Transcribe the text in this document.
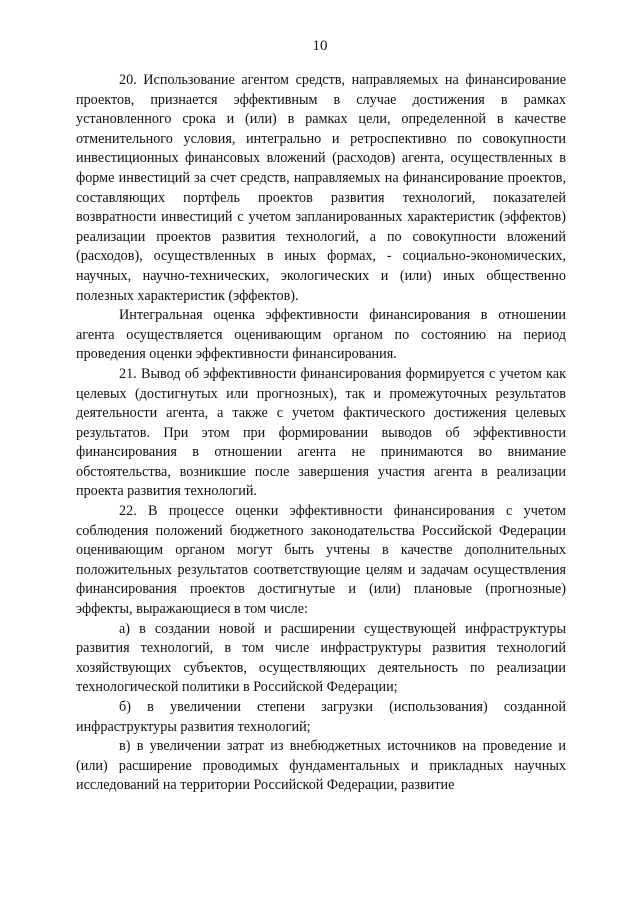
10

20. Использование агентом средств, направляемых на финансирование проектов, признается эффективным в случае достижения в рамках установленного срока и (или) в рамках цели, определенной в качестве отменительного условия, интегрально и ретроспективно по совокупности инвестиционных финансовых вложений (расходов) агента, осуществленных в форме инвестиций за счет средств, направляемых на финансирование проектов, составляющих портфель проектов развития технологий, показателей возвратности инвестиций с учетом запланированных характеристик (эффектов) реализации проектов развития технологий, а по совокупности вложений (расходов), осуществленных в иных формах, - социально-экономических, научных, научно-технических, экологических и (или) иных общественно полезных характеристик (эффектов).

Интегральная оценка эффективности финансирования в отношении агента осуществляется оценивающим органом по состоянию на период проведения оценки эффективности финансирования.

21. Вывод об эффективности финансирования формируется с учетом как целевых (достигнутых или прогнозных), так и промежуточных результатов деятельности агента, а также с учетом фактического достижения целевых результатов. При этом при формировании выводов об эффективности финансирования в отношении агента не принимаются во внимание обстоятельства, возникшие после завершения участия агента в реализации проекта развития технологий.

22. В процессе оценки эффективности финансирования с учетом соблюдения положений бюджетного законодательства Российской Федерации оценивающим органом могут быть учтены в качестве дополнительных положительных результатов соответствующие целям и задачам осуществления финансирования проектов достигнутые и (или) плановые (прогнозные) эффекты, выражающиеся в том числе:

а) в создании новой и расширении существующей инфраструктуры развития технологий, в том числе инфраструктуры развития технологий хозяйствующих субъектов, осуществляющих деятельность по реализации технологической политики в Российской Федерации;

б) в увеличении степени загрузки (использования) созданной инфраструктуры развития технологий;

в) в увеличении затрат из внебюджетных источников на проведение и (или) расширение проводимых фундаментальных и прикладных научных исследований на территории Российской Федерации, развитие
